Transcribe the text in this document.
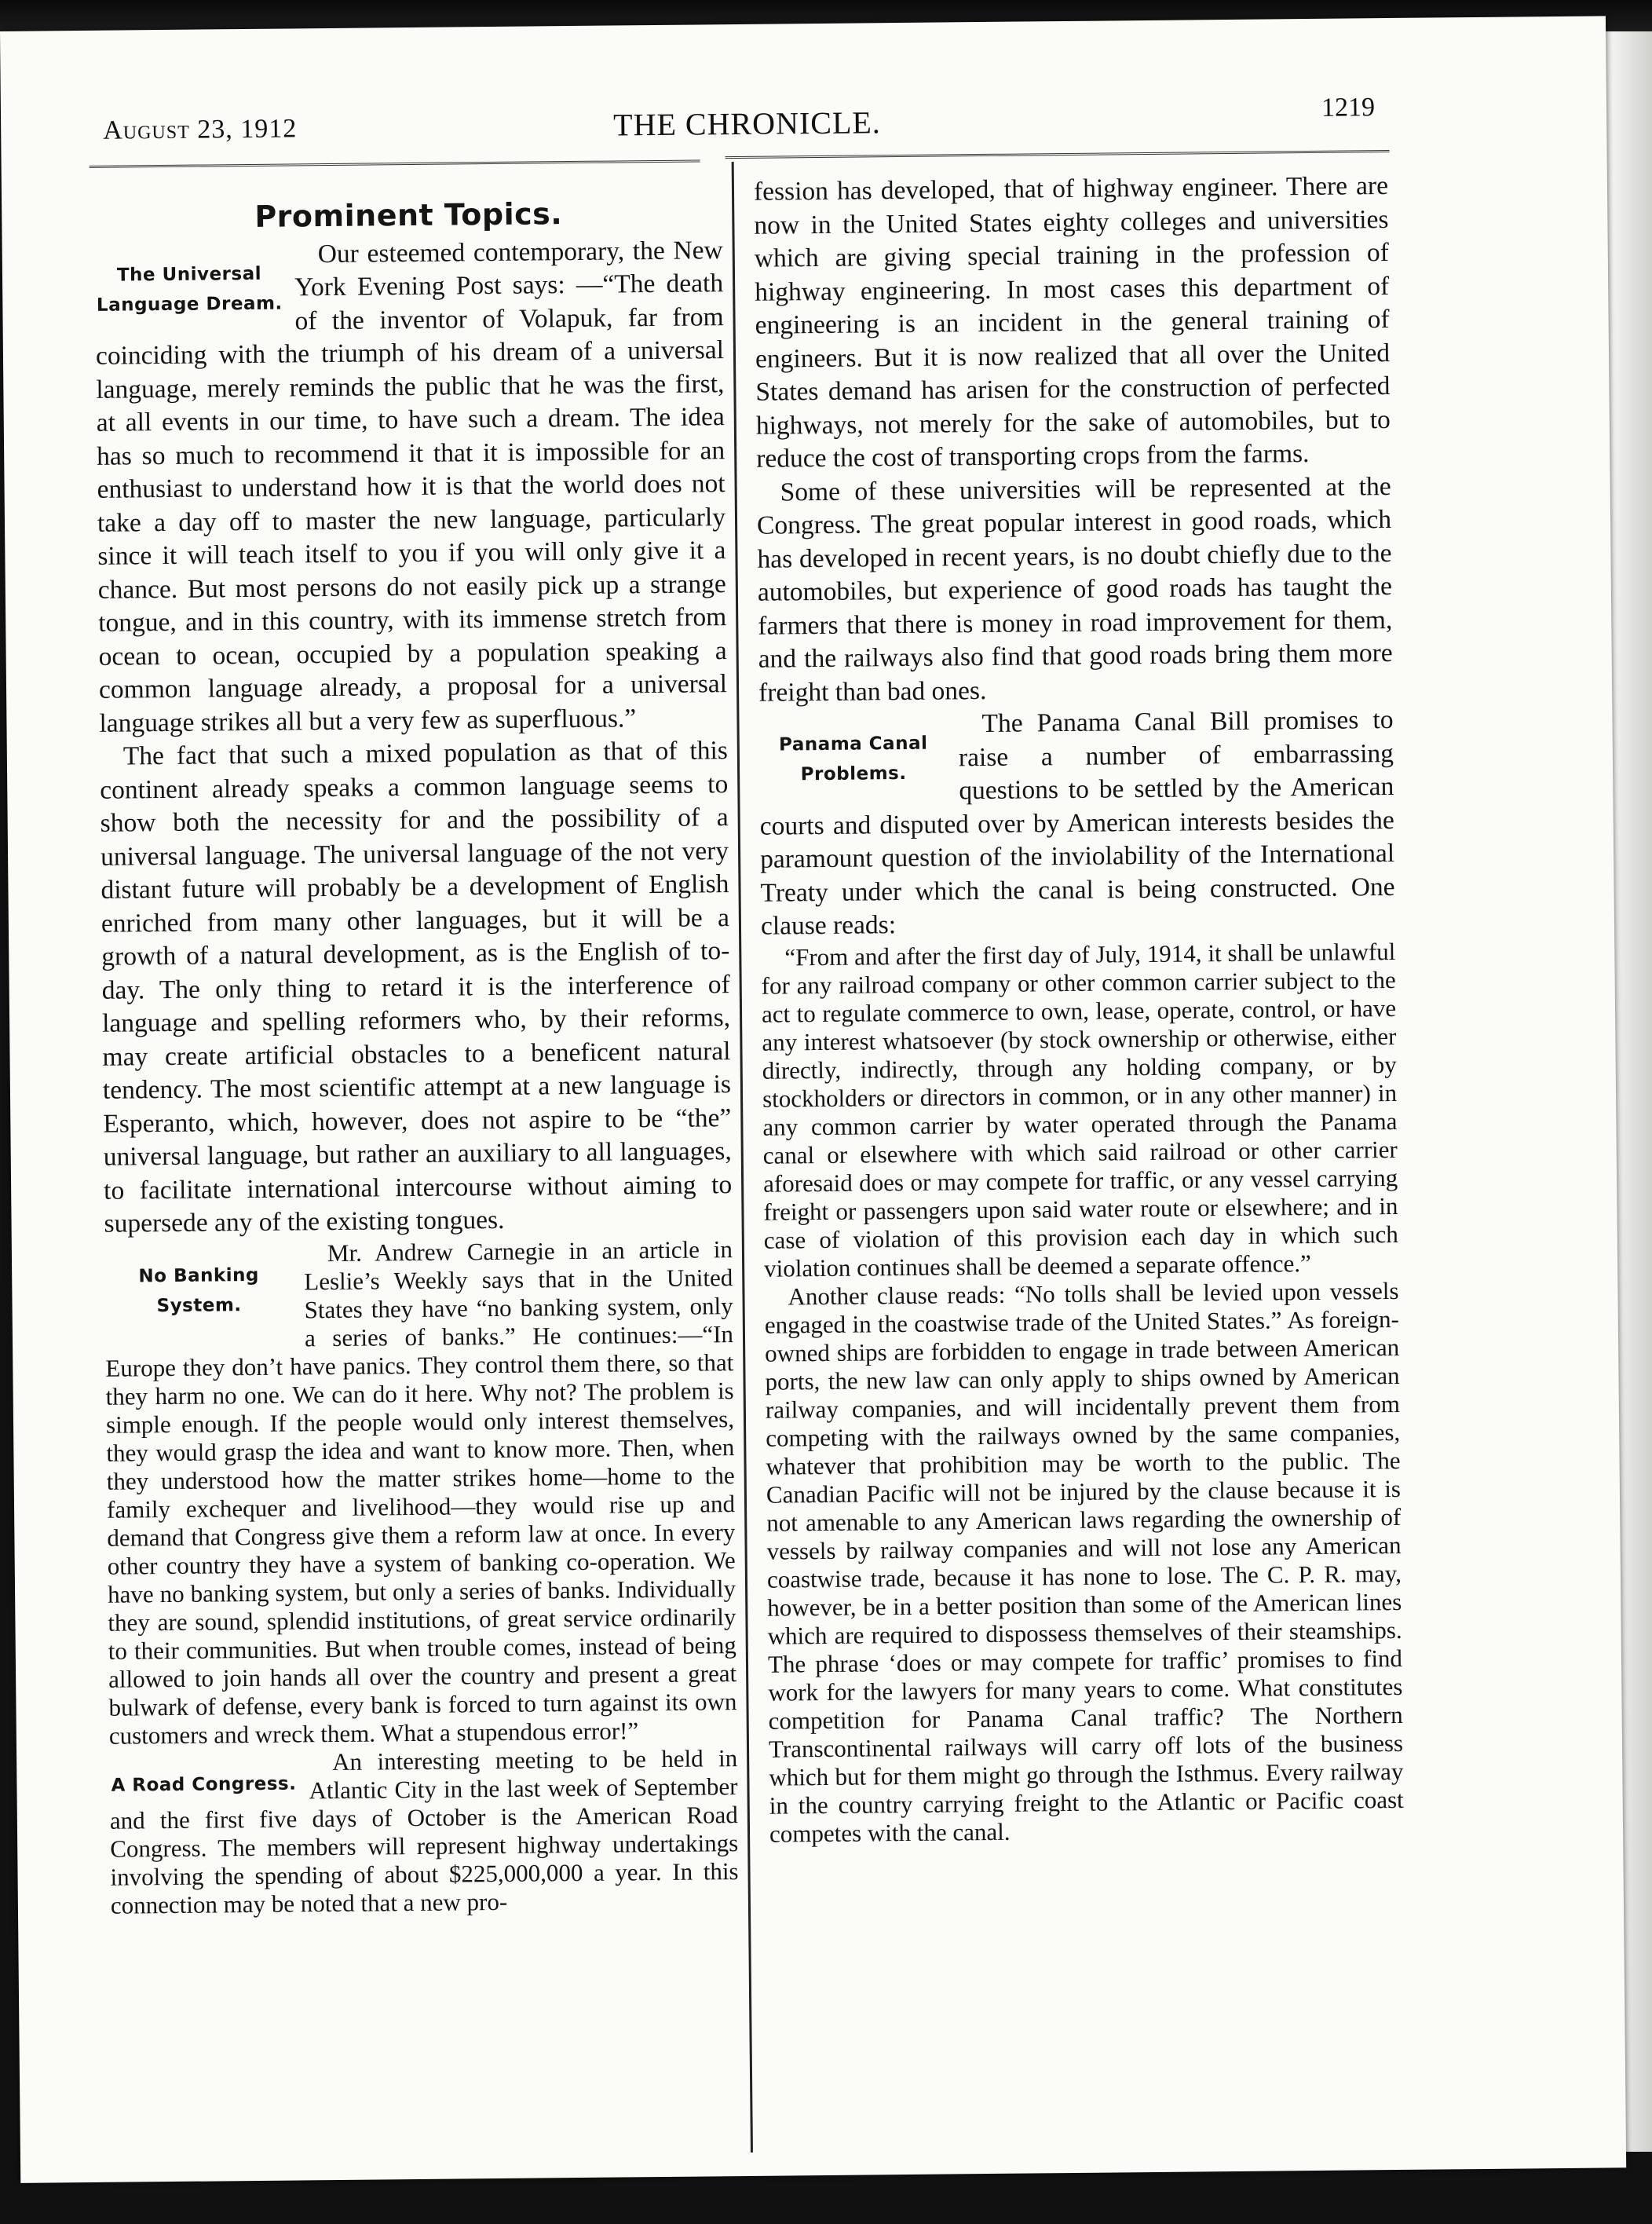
August 23, 1912	THE CHRONICLE.	1219
Prominent Topics.
The Universal
Language Dream.

Our esteemed contemporary, the New York Evening Post says: —“The death of the inventor of Volapuk, far from coinciding with the triumph of his dream of a universal language, merely reminds the public that he was the first, at all events in our time, to have such a dream. The idea has so much to recommend it that it is impossible for an enthusiast to understand how it is that the world does not take a day off to master the new language, particularly since it will teach itself to you if you will only give it a chance. But most persons do not easily pick up a strange tongue, and in this country, with its immense stretch from ocean to ocean, occupied by a population speaking a common language already, a proposal for a universal language strikes all but a very few as superfluous.”

The fact that such a mixed population as that of this continent already speaks a common language seems to show both the necessity for and the possibility of a universal language. The universal language of the not very distant future will probably be a development of English enriched from many other languages, but it will be a growth of a natural development, as is the English of to-day. The only thing to retard it is the interference of language and spelling reformers who, by their reforms, may create artificial obstacles to a beneficent natural tendency. The most scientific attempt at a new language is Esperanto, which, however, does not aspire to be “the” universal language, but rather an auxiliary to all languages, to facilitate international intercourse without aiming to supersede any of the existing tongues.

No Banking
System.

Mr. Andrew Carnegie in an article in Leslie’s Weekly says that in the United States they have “no banking system, only a series of banks.” He continues:—“In Europe they don’t have panics. They control them there, so that they harm no one. We can do it here. Why not? The problem is simple enough. If the people would only interest themselves, they would grasp the idea and want to know more. Then, when they understood how the matter strikes home—home to the family exchequer and livelihood—they would rise up and demand that Congress give them a reform law at once. In every other country they have a system of banking co-operation. We have no banking system, but only a series of banks. Individually they are sound, splendid institutions, of great service ordinarily to their communities. But when trouble comes, instead of being allowed to join hands all over the country and present a great bulwark of defense, every bank is forced to turn against its own customers and wreck them. What a stupendous error!”

A Road Congress.

An interesting meeting to be held in Atlantic City in the last week of September and the first five days of October is the American Road Congress. The members will represent highway undertakings involving the spending of about $225,000,000 a year. In this connection may be noted that a new pro-

fession has developed, that of highway engineer. There are now in the United States eighty colleges and universities which are giving special training in the profession of highway engineering. In most cases this department of engineering is an incident in the general training of engineers. But it is now realized that all over the United States demand has arisen for the construction of perfected highways, not merely for the sake of automobiles, but to reduce the cost of transporting crops from the farms.

Some of these universities will be represented at the Congress. The great popular interest in good roads, which has developed in recent years, is no doubt chiefly due to the automobiles, but experience of good roads has taught the farmers that there is money in road improvement for them, and the railways also find that good roads bring them more freight than bad ones.

Panama Canal
Problems.

The Panama Canal Bill promises to raise a number of embarrassing questions to be settled by the American courts and disputed over by American interests besides the paramount question of the inviolability of the International Treaty under which the canal is being constructed. One clause reads:

“From and after the first day of July, 1914, it shall be unlawful for any railroad company or other common carrier subject to the act to regulate commerce to own, lease, operate, control, or have any interest whatsoever (by stock ownership or otherwise, either directly, indirectly, through any holding company, or by stockholders or directors in common, or in any other manner) in any common carrier by water operated through the Panama canal or elsewhere with which said railroad or other carrier aforesaid does or may compete for traffic, or any vessel carrying freight or passengers upon said water route or elsewhere; and in case of violation of this provision each day in which such violation continues shall be deemed a separate offence.”

Another clause reads: “No tolls shall be levied upon vessels engaged in the coastwise trade of the United States.” As foreign-owned ships are forbidden to engage in trade between American ports, the new law can only apply to ships owned by American railway companies, and will incidentally prevent them from competing with the railways owned by the same companies, whatever that prohibition may be worth to the public. The Canadian Pacific will not be injured by the clause because it is not amenable to any American laws regarding the ownership of vessels by railway companies and will not lose any American coastwise trade, because it has none to lose. The C. P. R. may, however, be in a better position than some of the American lines which are required to dispossess themselves of their steamships. The phrase ‘does or may compete for traffic’ promises to find work for the lawyers for many years to come. What constitutes competition for Panama Canal traffic? The Northern Transcontinental railways will carry off lots of the business which but for them might go through the Isthmus. Every railway in the country carrying freight to the Atlantic or Pacific coast competes with the canal.
